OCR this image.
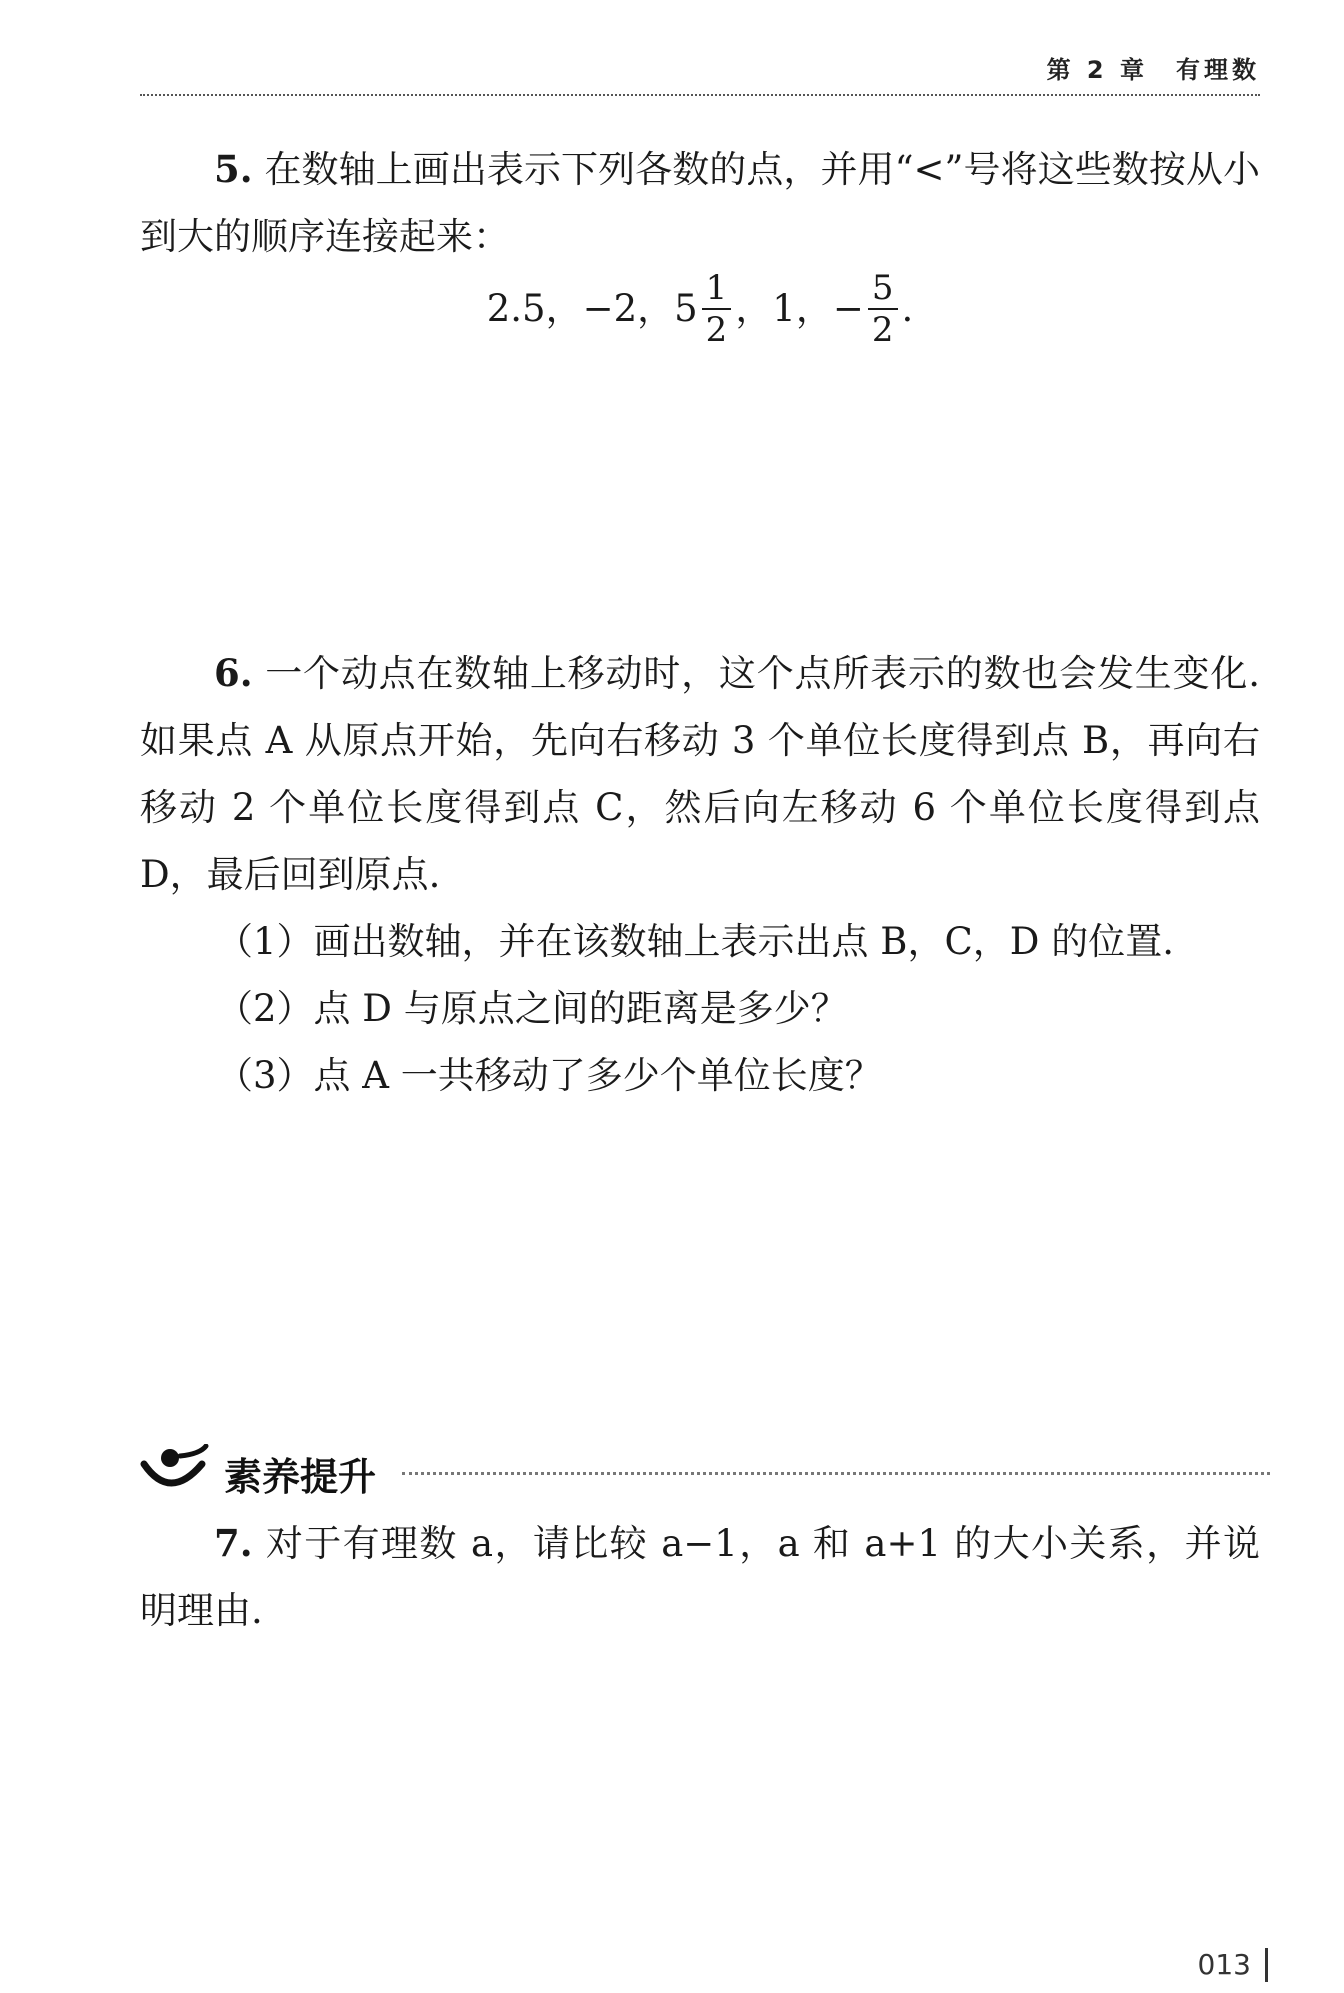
第 2 章　有理数

5. 在数轴上画出表示下列各数的点，并用“<”号将这些数按从小到大的顺序连接起来：

2.5，−2，$5 \frac{1}{2}$ ，1，− $\frac{5}{2}$ .

6. 一个动点在数轴上移动时，这个点所表示的数也会发生变化. 如果点 A 从原点开始，先向右移动 3 个单位长度得到点 B，再向右移动 2 个单位长度得到点 C，然后向左移动 6 个单位长度得到点 D，最后回到原点.

（1）画出数轴，并在该数轴上表示出点 B，C，D 的位置.
（2）点 D 与原点之间的距离是多少？
（3）点 A 一共移动了多少个单位长度？
素养提升

7. 对于有理数 a，请比较 a−1，a 和 a+1 的大小关系，并说明理由.

013
